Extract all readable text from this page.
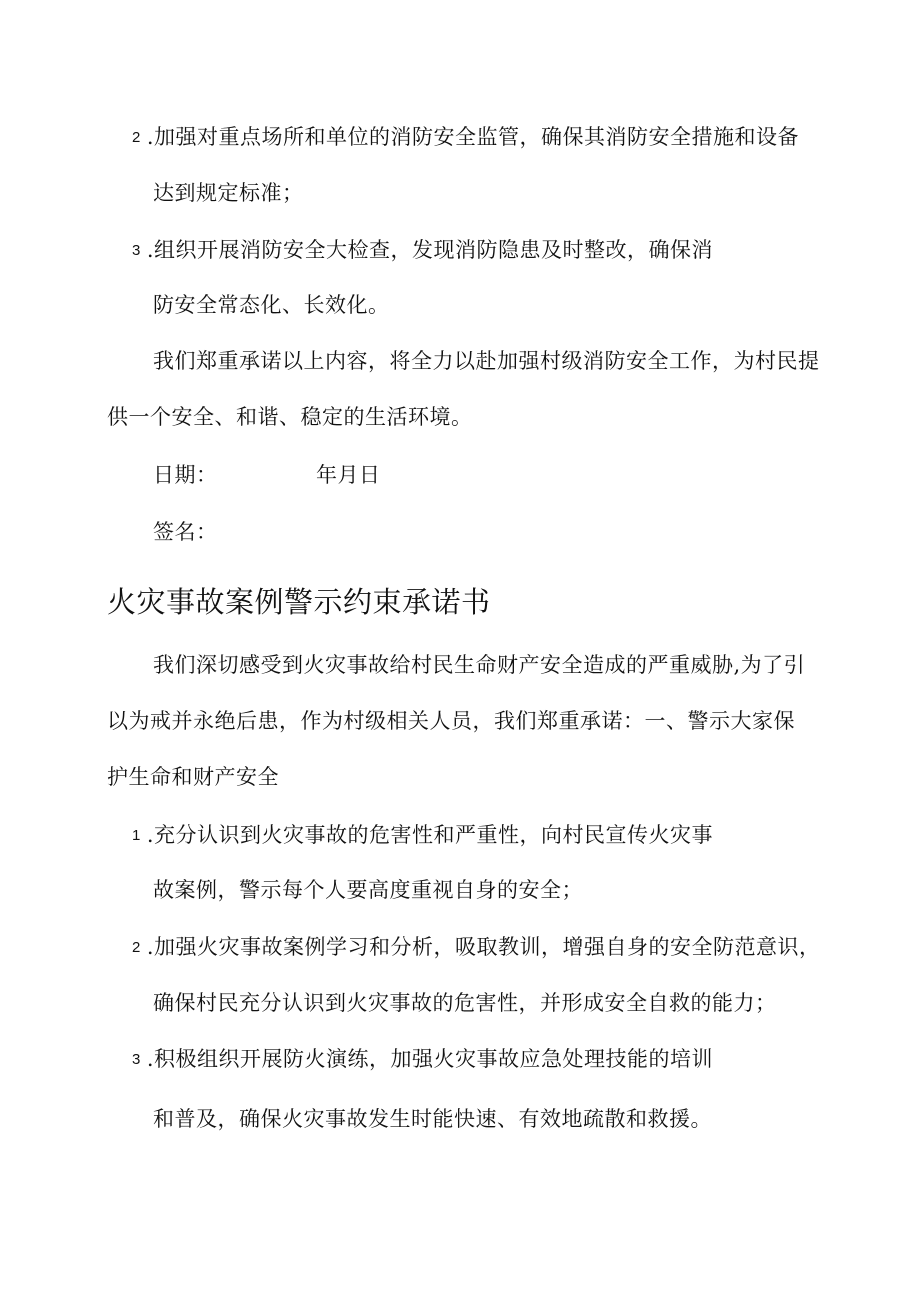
2 .加强对重点场所和单位的消防安全监管，确保其消防安全措施和设备
达到规定标准；
3 .组织开展消防安全大检查，发现消防隐患及时整改，确保消
防安全常态化、长效化。
我们郑重承诺以上内容，将全力以赴加强村级消防安全工作，为村民提
供一个安全、和谐、稳定的生活环境。
日期：	年月日
签名：
火灾事故案例警示约束承诺书
我们深切感受到火灾事故给村民生命财产安全造成的严重威胁,为了引
以为戒并永绝后患，作为村级相关人员，我们郑重承诺：一、警示大家保
护生命和财产安全
1 .充分认识到火灾事故的危害性和严重性，向村民宣传火灾事
故案例，警示每个人要高度重视自身的安全；
2 .加强火灾事故案例学习和分析，吸取教训，增强自身的安全防范意识，
确保村民充分认识到火灾事故的危害性，并形成安全自救的能力；
3 .积极组织开展防火演练，加强火灾事故应急处理技能的培训
和普及，确保火灾事故发生时能快速、有效地疏散和救援。
